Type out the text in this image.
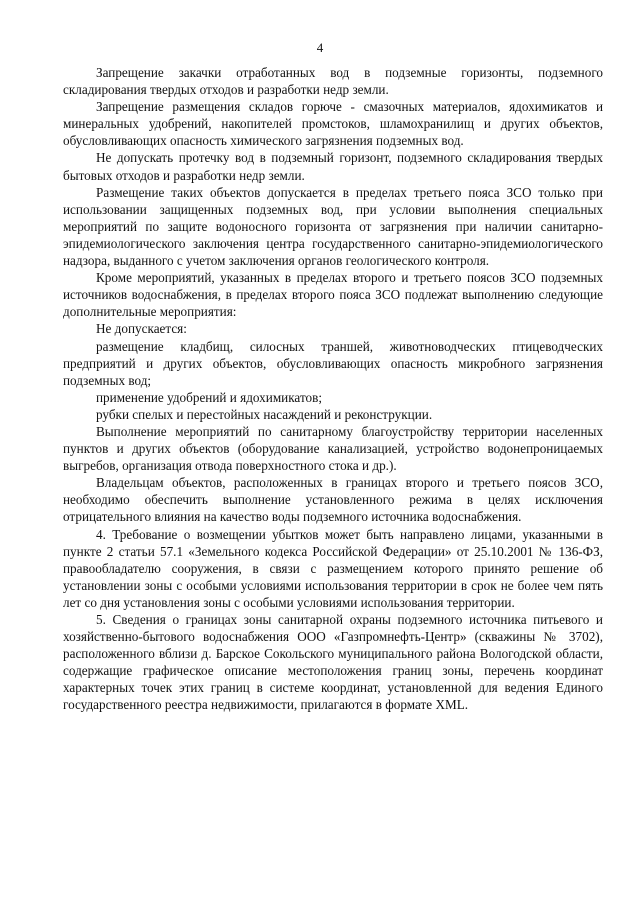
4

Запрещение закачки отработанных вод в подземные горизонты, подземного складирования твердых отходов и разработки недр земли.

Запрещение размещения складов горюче - смазочных материалов, ядохимикатов и минеральных удобрений, накопителей промстоков, шламохранилищ и других объектов, обусловливающих опасность химического загрязнения подземных вод.

Не допускать протечку вод в подземный горизонт, подземного складирования твердых бытовых отходов и разработки недр земли.

Размещение таких объектов допускается в пределах третьего пояса ЗСО только при использовании защищенных подземных вод, при условии выполнения специальных мероприятий по защите водоносного горизонта от загрязнения при наличии санитарно-эпидемиологического заключения центра государственного санитарно-эпидемиологического надзора, выданного с учетом заключения органов геологического контроля.

Кроме мероприятий, указанных в пределах второго и третьего поясов ЗСО подземных источников водоснабжения, в пределах второго пояса ЗСО подлежат выполнению следующие дополнительные мероприятия:

Не допускается:

размещение кладбищ, силосных траншей, животноводческих птицеводческих предприятий и других объектов, обусловливающих опасность микробного загрязнения подземных вод;

применение удобрений и ядохимикатов;

рубки спелых и перестойных насаждений и реконструкции.

Выполнение мероприятий по санитарному благоустройству территории населенных пунктов и других объектов (оборудование канализацией, устройство водонепроницаемых выгребов, организация отвода поверхностного стока и др.).

Владельцам объектов, расположенных в границах второго и третьего поясов ЗСО, необходимо обеспечить выполнение установленного режима в целях исключения отрицательного влияния на качество воды подземного источника водоснабжения.

4. Требование о возмещении убытков может быть направлено лицами, указанными в пункте 2 статьи 57.1 «Земельного кодекса Российской Федерации» от 25.10.2001 № 136-ФЗ, правообладателю сооружения, в связи с размещением которого принято решение об установлении зоны с особыми условиями использования территории в срок не более чем пять лет со дня установления зоны с особыми условиями использования территории.

5. Сведения о границах зоны санитарной охраны подземного источника питьевого и хозяйственно-бытового водоснабжения ООО «Газпромнефть-Центр» (скважины № 3702), расположенного вблизи д. Барское Сокольского муниципального района Вологодской области, содержащие графическое описание местоположения границ зоны, перечень координат характерных точек этих границ в системе координат, установленной для ведения Единого государственного реестра недвижимости, прилагаются в формате XML.
